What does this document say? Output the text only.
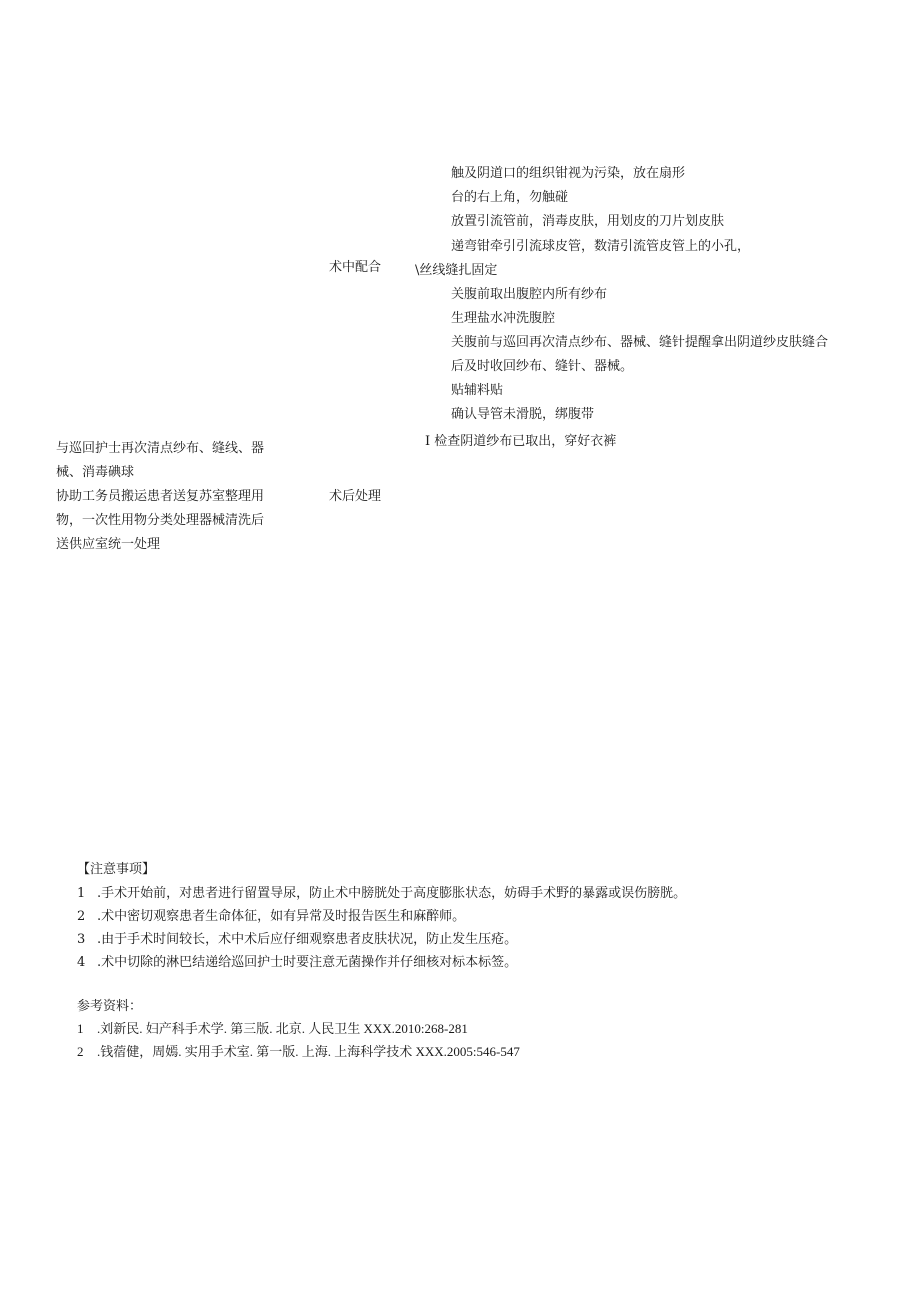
术中配合
触及阴道口的组织钳视为污染，放在扇形
台的右上角，勿触碰
放置引流管前，消毒皮肤，用划皮的刀片划皮肤
递弯钳牵引引流球皮管，数清引流管皮管上的小孔，
\丝线缝扎固定
关腹前取出腹腔内所有纱布
生理盐水冲洗腹腔
关腹前与巡回再次清点纱布、器械、缝针提醒拿出阴道纱皮肤缝合
后及时收回纱布、缝针、器械。
贴辅料贴
确认导管未滑脱，绑腹带
I 检查阴道纱布已取出，穿好衣裤
与巡回护士再次清点纱布、缝线、器
械、消毒碘球
协助工务员搬运患者送复苏室整理用
物，一次性用物分类处理器械清洗后
送供应室统一处理
术后处理
【注意事项】
1 .手术开始前，对患者进行留置导尿，防止术中膀胱处于高度膨胀状态，妨碍手术野的暴露或误伤膀胱。
2 .术中密切观察患者生命体征，如有异常及时报告医生和麻醉师。
3 .由于手术时间较长，术中术后应仔细观察患者皮肤状况，防止发生压疮。
4 .术中切除的淋巴结递给巡回护士时要注意无菌操作并仔细核对标本标签。
参考资料：
1 .刘新民. 妇产科手术学. 第三版. 北京. 人民卫生 XXX.2010:268-281
2 .钱蓿健，周嫣. 实用手术室. 第一版. 上海. 上海科学技术 XXX.2005:546-547
